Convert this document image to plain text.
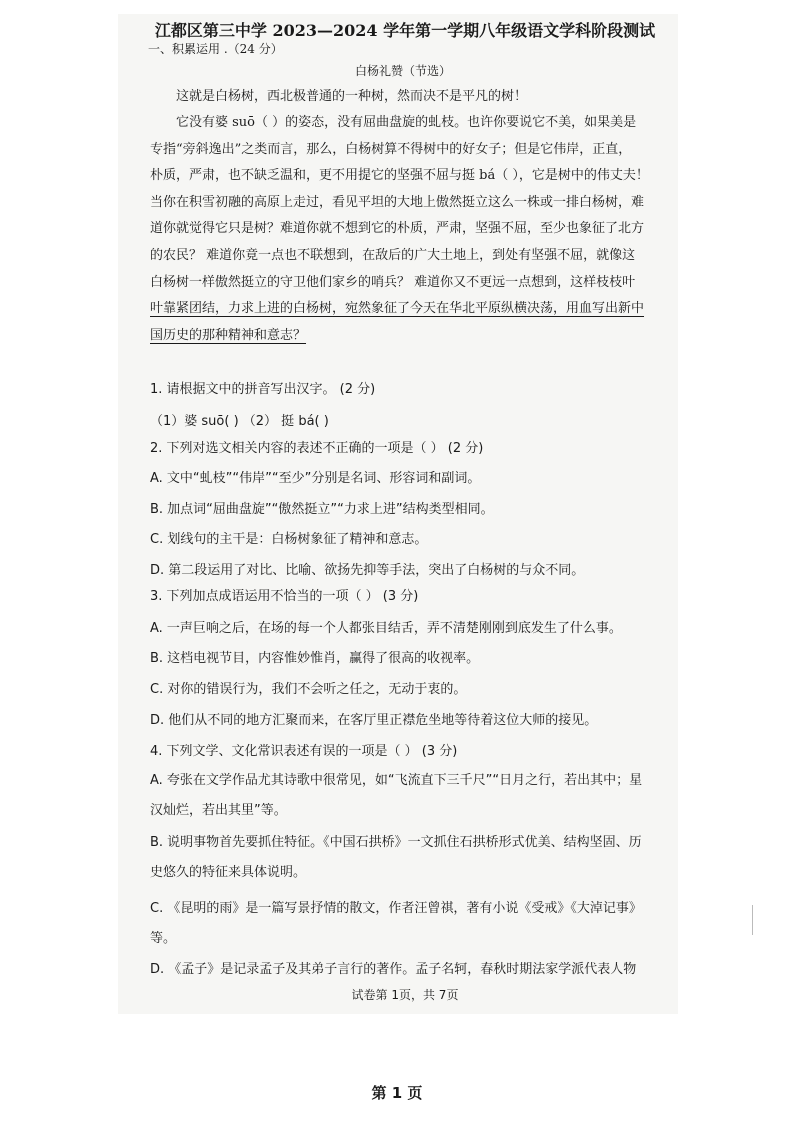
江都区第三中学 2023—2024 学年第一学期八年级语文学科阶段测试
一、积累运用 .（24 分）
白杨礼赞（节选）
这就是白杨树，西北极普通的一种树，然而决不是平凡的树！
它没有婆 suō（ ）的姿态，没有屈曲盘旋的虬枝。也许你要说它不美，如果美是
专指“旁斜逸出”之类而言，那么，白杨树算不得树中的好女子；但是它伟岸，正直，
朴质，严肃，也不缺乏温和，更不用提它的坚强不屈与挺 bá（ ），它是树中的伟丈夫！
当你在积雪初融的高原上走过，看见平坦的大地上傲然挺立这么一株或一排白杨树，难
道你就觉得它只是树？难道你就不想到它的朴质，严肃，坚强不屈，至少也象征了北方
的农民？ 难道你竟一点也不联想到，在敌后的广大土地上，到处有坚强不屈，就像这
白杨树一样傲然挺立的守卫他们家乡的哨兵？ 难道你又不更远一点想到，这样枝枝叶
叶靠紧团结，力求上进的白杨树，宛然象征了今天在华北平原纵横决荡，用血写出新中
国历史的那种精神和意志？
1. 请根据文中的拼音写出汉字。 (2 分)
（1）婆 suō( ) （2） 挺 bá( )
2. 下列对选文相关内容的表述不正确的一项是（ ） (2 分)
A. 文中“虬枝”“伟岸”“至少”分别是名词、形容词和副词。
B. 加点词“屈曲盘旋”“傲然挺立”“力求上进”结构类型相同。
C. 划线句的主干是：白杨树象征了精神和意志。
D. 第二段运用了对比、比喻、欲扬先抑等手法，突出了白杨树的与众不同。
3. 下列加点成语运用不恰当的一项（ ） (3 分)
A. 一声巨响之后，在场的每一个人都张目结舌，弄不清楚刚刚到底发生了什么事。
B. 这档电视节目，内容惟妙惟肖，赢得了很高的收视率。
C. 对你的错误行为，我们不会听之任之，无动于衷的。
D. 他们从不同的地方汇聚而来，在客厅里正襟危坐地等待着这位大师的接见。
4. 下列文学、文化常识表述有误的一项是（ ） (3 分)
A. 夸张在文学作品尤其诗歌中很常见，如“飞流直下三千尺”“日月之行，若出其中；星汉灿烂，若出其里”等。
B. 说明事物首先要抓住特征。《中国石拱桥》一文抓住石拱桥形式优美、结构坚固、历史悠久的特征来具体说明。
C. 《昆明的雨》是一篇写景抒情的散文，作者汪曾祺，著有小说《受戒》《大淖记事》等。
D. 《孟子》是记录孟子及其弟子言行的著作。孟子名轲，春秋时期法家学派代表人物
试卷第 1页，共 7页
第 1 页
